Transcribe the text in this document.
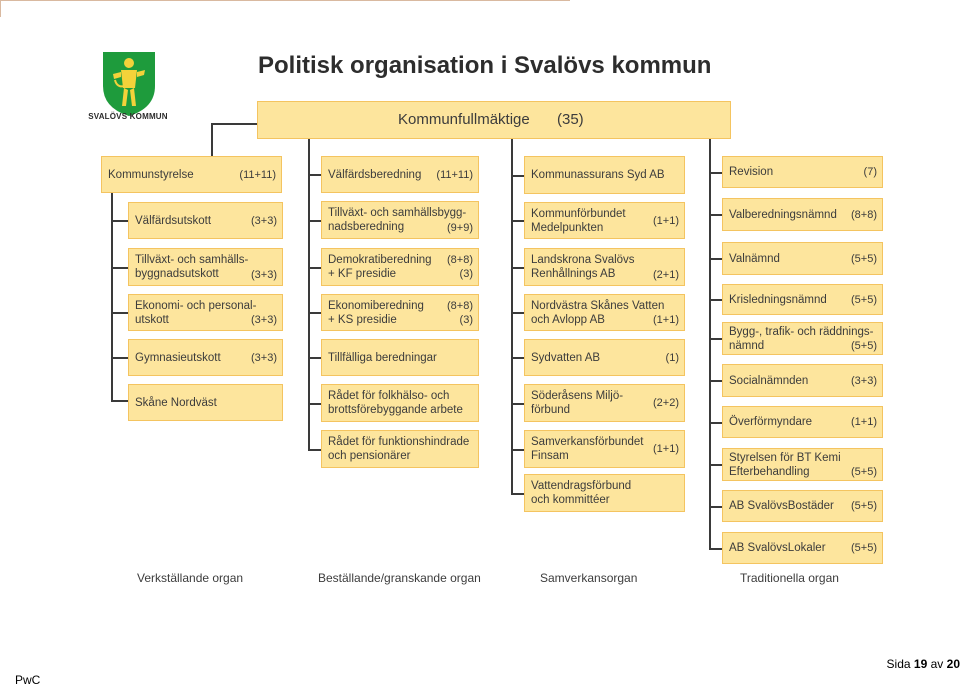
SVALÖVS KOMMUN
Politisk organisation i Svalövs kommun
Kommunfullmäktige (35)
Kommunstyrelse	(11+11)
Välfärdsutskott	(3+3)
Tillväxt- och samhälls-
byggnadsutskott	(3+3)
Ekonomi- och personal-
utskott	(3+3)
Gymnasieutskott	(3+3)
Skåne Nordväst
Välfärdsberedning (11+11)
Tillväxt- och samhällsbygg-
nadsberedning	(9+9)
Demokratiberedning
+ KF presidie
(8+8)
(3)
Ekonomiberedning
+ KS presidie
(8+8)
(3)
Tillfälliga beredningar
Rådet för folkhälso- och
brottsförebyggande arbete
Rådet för funktionshindrade
och pensionärer
Kommunassurans Syd AB
Kommunförbundet
Medelpunkten
(1+1)
Landskrona Svalövs
Renhållnings AB	(2+1)
Nordvästra Skånes Vatten
och Avlopp AB	(1+1)
Sydvatten AB	(1)
Söderåsens Miljö-
förbund
(2+2)
Samverkansförbundet
Finsam
(1+1)
Vattendragsförbund
och kommittéer
Revision	(7)
Valberedningsnämnd (8+8)
Valnämnd	(5+5)
Krisledningsnämnd (5+5)
Bygg-, trafik- och räddnings-
nämnd	(5+5)
Socialnämnden	(3+3)
Överförmyndare	(1+1)
Styrelsen för BT Kemi
Efterbehandling	(5+5)
AB SvalövsBostäder (5+5)
AB SvalövsLokaler (5+5)
Verkställande organ	Beställande/granskande organ	Samverkansorgan	Traditionella organ
PwC
Sida 19 av 20
